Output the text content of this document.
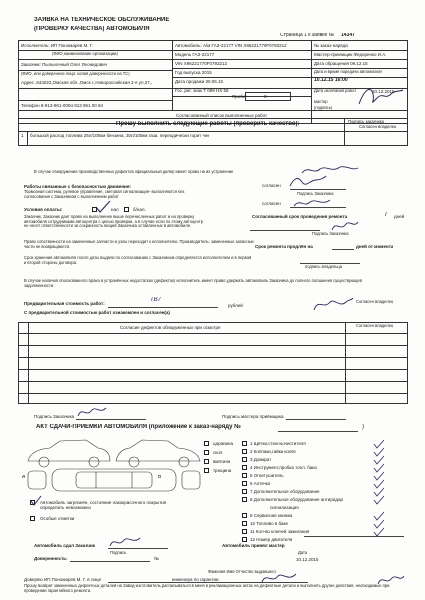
ЗАЯВКА НА ТЕХНИЧЕСКОЕ ОБСЛУЖИВАНИЕ
(ПРОВЕРКУ КАЧЕСТВА) АВТОМОБИЛЯ
Страница 1 к заявке № 14347
Исполнитель: ИП Пономарев М. Г.
(ФИО,наименование организации)
Заказчик: Пыльночный Олег Леонидович
(ФИО, или доверенное лицо: копия доверенности на ТС)
Адрес ,644022,Омская обл.,Омск г.,Новороссийская 2-я ул,27,,
Телефон 8-913-961-0094 913 961 00 94
Автомобиль: А/м ГАЗ-22177 VIN X96221770F0793212
Модель ГАЗ-22177
VIN X96221770F0793212
Год выпуска 2015
Дата продажи 30.06.15
Гос. рег. знак Т 099 НХ 55
№ заказ-наряда
Мастер-приемщик Федоренко И.А.
Дата обращения 09.12.15
Дата и время поредачи автомобиля
10.12.15 16:00
Дата окончания работ	10.12.2015
мастер
(подпись)
Пробег	0
Согласованный список выполненных работ
Прошу выполнить следующие работы (проверить качество):	Подпись заказчика
Согласен владелец
1 большой расход топлива 25л/100км бензина, 30л/100км газа. переодически горит чек
В случае обнаружения производственных дефектов официальный дилер имеет право на их устранение
Работы связанные с безопасностью движения:
Тормозная система, рулевое управление, световая сигнализация- выполняются без согласования с Заказчиком с выполнением работ
Условия оплаты:	нал	б/нал.
согласен
Подпись Заказчика
Заказчик, Заказчик дает право на выполнение выше перечисленных работ и на проверку автомобиля сотрудниками автоцентра с целью проверки, а в случае если по этому автоцентр не несет ответственности за сохранность вещей Заказчика оставленных в автомобиле.
согласен
Согласованный срок проведения ремонта	7 дней
Подпись Заказчика
Право собственности на замененные запчасти и узлы переходит к исполнителю. Производитель: замененные запасные части не возвращаются.	Срок ремонта продлён на	дней от момента
подпись владельца
Срок хранения автомобиля после даты выдачи по согласованию с Заказчиком определяется исполнителем и в первой и второй стороны договора.
В случае наличия обоснованного брака в устранённых недостатках (дефектах) исполнитель имеет право удержать автомобиль Заказчика до полного погашения существующей задолженности.
Предварительная стоимость работ:
ТВ7
рублей
С предварительной стоимостью работ ознакомлен и согласен(а)
Согласен владелец
Согласие дефектов обнаруженных при осмотре	Согласен владелец
Подпись Заказчика	Подпись мастера приёмщика
АКТ СДАЧИ-ПРИЁМКИ АВТОМОБИЛЯ (приложение к заказ-наряду №	)
A	B
царапина
скол
вмятина
трещина
1 Щётки,стеклоочистителя
2 Колпаки,гайки колёс
3 Домкрат
4 Инструмент,пробка топл. бака
5 Огнетушитель
6 Аптечка
7 Дополнительное оборудование
8 Дополнительное оборудование антирадар
сигнализация
9 Сервисная книжка
10 Топливо в баке
11 Кол-во ключей зажигания
12 Номер двигателя
Автомобиль загрязнён, состояние лакокрасочного покрытия определить невозможно
Особые отметки
Автомобиль сдал Заказчик	Автомобиль принял мастер
Подпись	Дата
Доверенность:	№	10.12.2015
Фамилия Имя Отчество выдавшего
Доверяю ИП Пономарев М. Г. в лице	инженера по гарантии
Прошу возврат замененных дефектных деталей на Завод-изготовитель,расписываться в меня в рекламационных актах на дефектные детали и выполнить другие действия, необходимые при проведении гарантийного ремонта.
